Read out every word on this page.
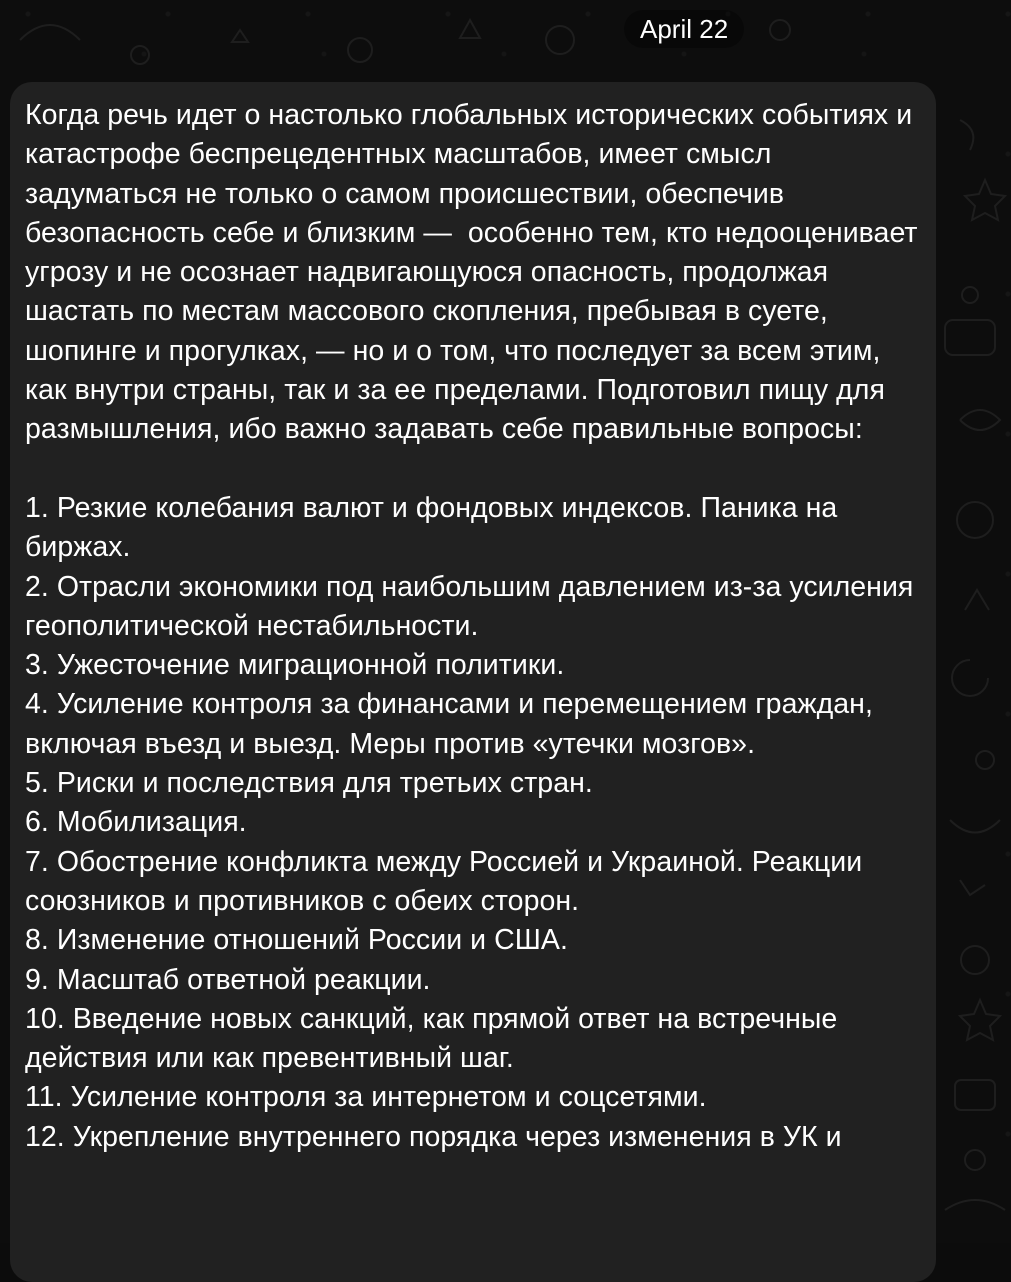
April 22

Когда речь идет о настолько глобальных исторических событиях и катастрофе беспрецедентных масштабов, имеет смысл задуматься не только о самом происшествии, обеспечив безопасность себе и близким —  особенно тем, кто недооценивает угрозу и не осознает надвигающуюся опасность, продолжая шастать по местам массового скопления, пребывая в суете, шопинге и прогулках, — но и о том, что последует за всем этим, как внутри страны, так и за ее пределами. Подготовил пищу для размышления, ибо важно задавать себе правильные вопросы:

1. Резкие колебания валют и фондовых индексов. Паника на биржах.
2. Отрасли экономики под наибольшим давлением из-за усиления геополитической нестабильности.
3. Ужесточение миграционной политики.
4. Усиление контроля за финансами и перемещением граждан, включая въезд и выезд. Меры против «утечки мозгов».
5. Риски и последствия для третьих стран.
6. Мобилизация.
7. Обострение конфликта между Россией и Украиной. Реакции союзников и противников с обеих сторон.
8. Изменение отношений России и США.
9. Масштаб ответной реакции.
10. Введение новых санкций, как прямой ответ на встречные действия или как превентивный шаг.
11. Усиление контроля за интернетом и соцсетями.
12. Укрепление внутреннего порядка через изменения в УК и
